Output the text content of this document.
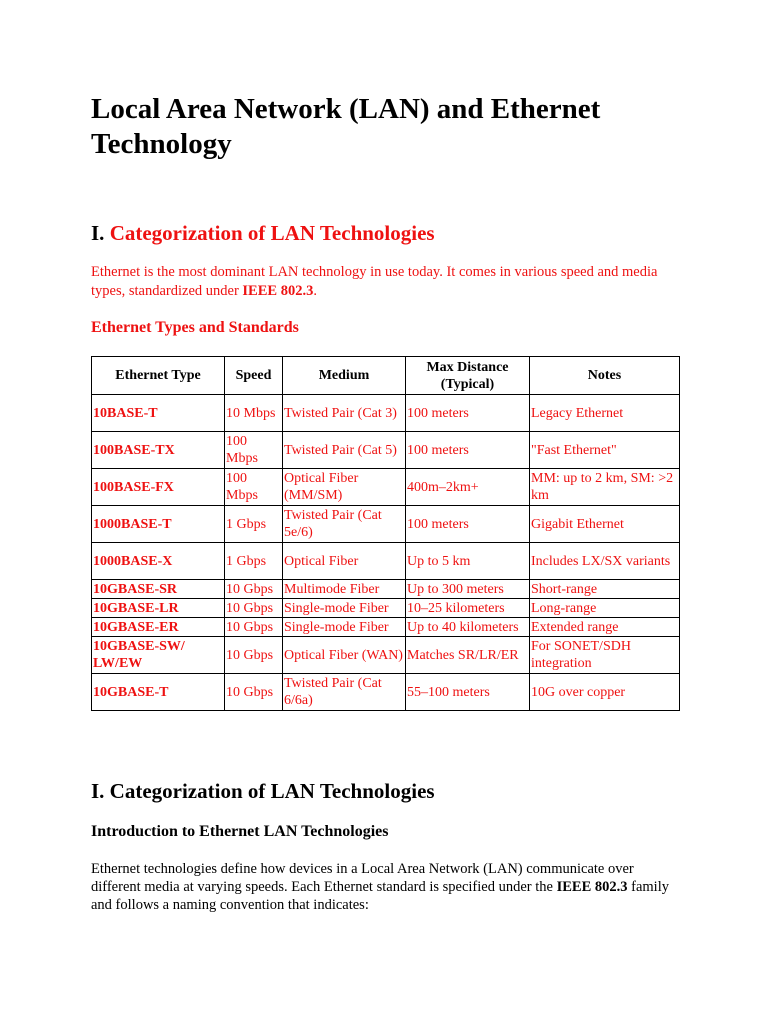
Local Area Network (LAN) and Ethernet Technology
I. Categorization of LAN Technologies

Ethernet is the most dominant LAN technology in use today. It comes in various speed and media types, standardized under IEEE 802.3.

Ethernet Types and Standards
Ethernet Type	Speed	Medium	Max Distance (Typical)	Notes
10BASE-T	10 Mbps	Twisted Pair (Cat 3)	100 meters	Legacy Ethernet
100BASE-TX	100 Mbps	Twisted Pair (Cat 5)	100 meters	"Fast Ethernet"
100BASE-FX	100 Mbps	Optical Fiber (MM/SM)	400m–2km+	MM: up to 2 km, SM: >2 km
1000BASE-T	1 Gbps	Twisted Pair (Cat 5e/6)	100 meters	Gigabit Ethernet
1000BASE-X	1 Gbps	Optical Fiber	Up to 5 km	Includes LX/SX variants
10GBASE-SR	10 Gbps	Multimode Fiber	Up to 300 meters	Short-range
10GBASE-LR	10 Gbps	Single-mode Fiber	10–25 kilometers	Long-range
10GBASE-ER	10 Gbps	Single-mode Fiber	Up to 40 kilometers	Extended range
10GBASE-SW/ LW/EW	10 Gbps	Optical Fiber (WAN)	Matches SR/LR/ER	For SONET/SDH integration
10GBASE-T	10 Gbps	Twisted Pair (Cat 6/6a)	55–100 meters	10G over copper
I. Categorization of LAN Technologies
Introduction to Ethernet LAN Technologies

Ethernet technologies define how devices in a Local Area Network (LAN) communicate over different media at varying speeds. Each Ethernet standard is specified under the IEEE 802.3 family and follows a naming convention that indicates:
